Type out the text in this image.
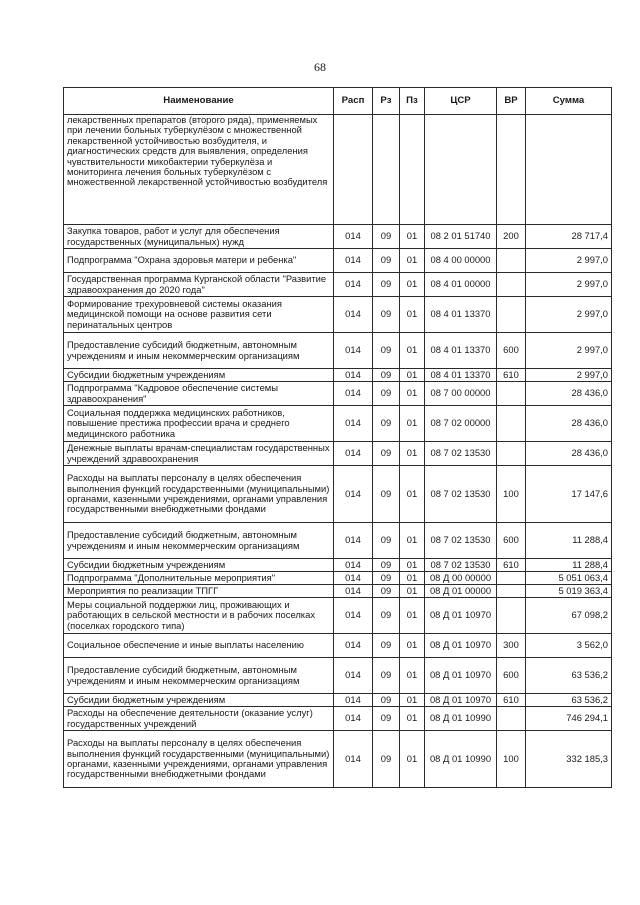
68
Наименование	Расп	Рз	Пз	ЦСР	ВР	Сумма
лекарственных препаратов (второго ряда), применяемых при лечении больных туберкулёзом с множественной лекарственной устойчивостью возбудителя, и диагностических средств для выявления, определения чувствительности микобактерии туберкулёза и мониторинга лечения больных туберкулёзом с множественной лекарственной устойчивостью возбудителя						
Закупка товаров, работ и услуг для обеспечения государственных (муниципальных) нужд	014	09	01	08 2 01 51740	200	28 717,4
Подпрограмма "Охрана здоровья матери и ребенка"	014	09	01	08 4 00 00000		2 997,0
Государственная программа Курганской области "Развитие здравоохранения до 2020 года"	014	09	01	08 4 01 00000		2 997,0
Формирование трехуровневой системы оказания медицинской помощи на основе развития сети перинатальных центров	014	09	01	08 4 01 13370		2 997,0
Предоставление субсидий бюджетным, автономным учреждениям и иным некоммерческим организациям	014	09	01	08 4 01 13370	600	2 997,0
Субсидии бюджетным учреждениям	014	09	01	08 4 01 13370	610	2 997,0
Подпрограмма "Кадровое обеспечение системы здравоохранения"	014	09	01	08 7 00 00000		28 436,0
Социальная поддержка медицинских работников, повышение престижа профессии врача и среднего медицинского работника	014	09	01	08 7 02 00000		28 436,0
Денежные выплаты врачам-специалистам государственных учреждений здравоохранения	014	09	01	08 7 02 13530		28 436,0
Расходы на выплаты персоналу в целях обеспечения выполнения функций государственными (муниципальными) органами, казенными учреждениями, органами управления государственными внебюджетными фондами	014	09	01	08 7 02 13530	100	17 147,6
Предоставление субсидий бюджетным, автономным учреждениям и иным некоммерческим организациям	014	09	01	08 7 02 13530	600	11 288,4
Субсидии бюджетным учреждениям	014	09	01	08 7 02 13530	610	11 288,4
Подпрограмма "Дополнительные мероприятия"	014	09	01	08 Д 00 00000		5 051 063,4
Мероприятия по реализации ТПГГ	014	09	01	08 Д 01 00000		5 019 363,4
Меры социальной поддержки лиц, проживающих и работающих в сельской местности и в рабочих поселках (поселках городского типа)	014	09	01	08 Д 01 10970		67 098,2
Социальное обеспечение и иные выплаты населению	014	09	01	08 Д 01 10970	300	3 562,0
Предоставление субсидий бюджетным, автономным учреждениям и иным некоммерческим организациям	014	09	01	08 Д 01 10970	600	63 536,2
Субсидии бюджетным учреждениям	014	09	01	08 Д 01 10970	610	63 536,2
Расходы на обеспечение деятельности (оказание услуг) государственных учреждений	014	09	01	08 Д 01 10990		746 294,1
Расходы на выплаты персоналу в целях обеспечения выполнения функций государственными (муниципальными) органами, казенными учреждениями, органами управления государственными внебюджетными фондами	014	09	01	08 Д 01 10990	100	332 185,3
